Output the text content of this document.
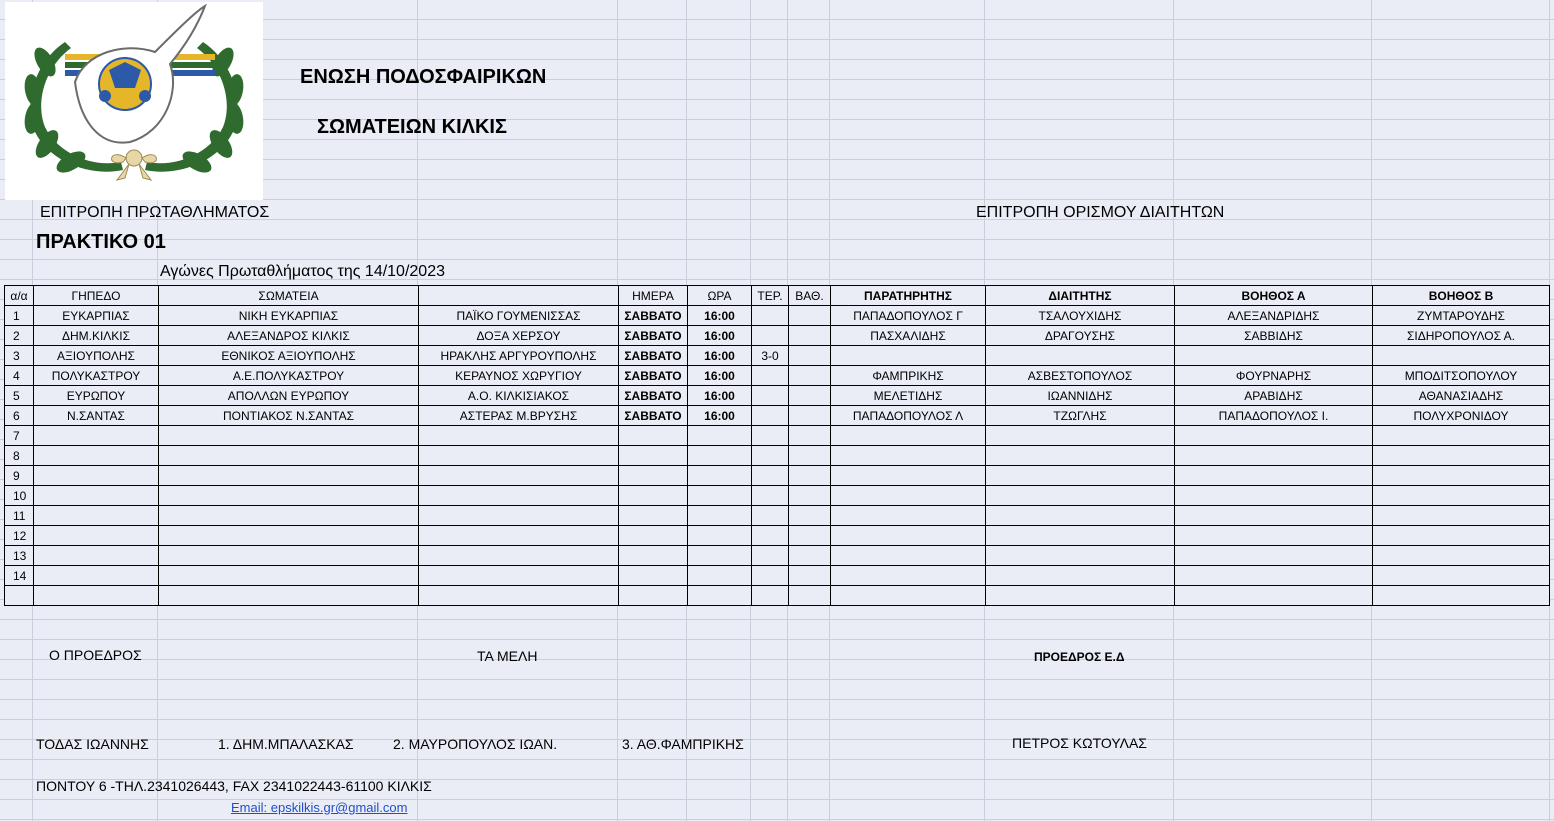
ΕΝΩΣΗ ΠΟΔΟΣΦΑΙΡΙΚΩΝ
ΣΩΜΑΤΕΙΩΝ ΚΙΛΚΙΣ
ΕΠΙΤΡΟΠΗ ΠΡΩΤΑΘΛΗΜΑΤΟΣ	ΕΠΙΤΡΟΠΗ ΟΡΙΣΜΟΥ ΔΙΑΙΤΗΤΩΝ
ΠΡΑΚΤΙΚΟ 01
Αγώνες Πρωταθλήματος της 14/10/2023
α/α	ΓΗΠΕΔΟ	ΣΩΜΑΤΕΙΑ		ΗΜΕΡΑ	ΩΡΑ	ΤΕΡ.	ΒΑΘ.	ΠΑΡΑΤΗΡΗΤΗΣ	ΔΙΑΙΤΗΤΗΣ	ΒΟΗΘΟΣ Α	ΒΟΗΘΟΣ Β
1	ΕΥΚΑΡΠΙΑΣ	ΝΙΚΗ ΕΥΚΑΡΠΙΑΣ	ΠΑΪΚΟ ΓΟΥΜΕΝΙΣΣΑΣ	ΣΑΒΒΑΤΟ	16:00			ΠΑΠΑΔΟΠΟΥΛΟΣ Γ	ΤΣΑΛΟΥΧΙΔΗΣ	ΑΛΕΞΑΝΔΡΙΔΗΣ	ΖΥΜΤΑΡΟΥΔΗΣ
2	ΔΗΜ.ΚΙΛΚΙΣ	ΑΛΕΞΑΝΔΡΟΣ ΚΙΛΚΙΣ	ΔΟΞΑ ΧΕΡΣΟΥ	ΣΑΒΒΑΤΟ	16:00			ΠΑΣΧΑΛΙΔΗΣ	ΔΡΑΓΟΥΣΗΣ	ΣΑΒΒΙΔΗΣ	ΣΙΔΗΡΟΠΟΥΛΟΣ Α.
3	ΑΞΙΟΥΠΟΛΗΣ	ΕΘΝΙΚΟΣ ΑΞΙΟΥΠΟΛΗΣ	ΗΡΑΚΛΗΣ ΑΡΓΥΡΟΥΠΟΛΗΣ	ΣΑΒΒΑΤΟ	16:00	3-0					
4	ΠΟΛΥΚΑΣΤΡΟΥ	Α.Ε.ΠΟΛΥΚΑΣΤΡΟΥ	ΚΕΡΑΥΝΟΣ ΧΩΡΥΓΙΟΥ	ΣΑΒΒΑΤΟ	16:00			ΦΑΜΠΡΙΚΗΣ	ΑΣΒΕΣΤΟΠΟΥΛΟΣ	ΦΟΥΡΝΑΡΗΣ	ΜΠΟΔΙΤΣΟΠΟΥΛΟΥ
5	ΕΥΡΩΠΟΥ	ΑΠΟΛΛΩΝ ΕΥΡΩΠΟΥ	Α.Ο. ΚΙΛΚΙΣΙΑΚΟΣ	ΣΑΒΒΑΤΟ	16:00			ΜΕΛΕΤΙΔΗΣ	ΙΩΑΝΝΙΔΗΣ	ΑΡΑΒΙΔΗΣ	ΑΘΑΝΑΣΙΑΔΗΣ
6	Ν.ΣΑΝΤΑΣ	ΠΟΝΤΙΑΚΟΣ Ν.ΣΑΝΤΑΣ	ΑΣΤΕΡΑΣ Μ.ΒΡΥΣΗΣ	ΣΑΒΒΑΤΟ	16:00			ΠΑΠΑΔΟΠΟΥΛΟΣ Λ	ΤΖΩΓΛΗΣ	ΠΑΠΑΔΟΠΟΥΛΟΣ Ι.	ΠΟΛΥΧΡΟΝΙΔΟΥ
7											
8											
9											
10											
11											
12											
13											
14											

Ο ΠΡΟΕΔΡΟΣ	ΤΑ ΜΕΛΗ	ΠΡΟΕΔΡΟΣ Ε.Δ
ΤΟΔΑΣ ΙΩΑΝΝΗΣ	1. ΔΗΜ.ΜΠΑΛΑΣΚΑΣ	2. ΜΑΥΡΟΠΟΥΛΟΣ ΙΩΑΝ.	3. ΑΘ.ΦΑΜΠΡΙΚΗΣ	ΠΕΤΡΟΣ ΚΩΤΟΥΛΑΣ
ΠΟΝΤΟΥ 6 -ΤΗΛ.2341026443, FAX 2341022443-61100 ΚΙΛΚΙΣ
Email: epskilkis.gr@gmail.com
